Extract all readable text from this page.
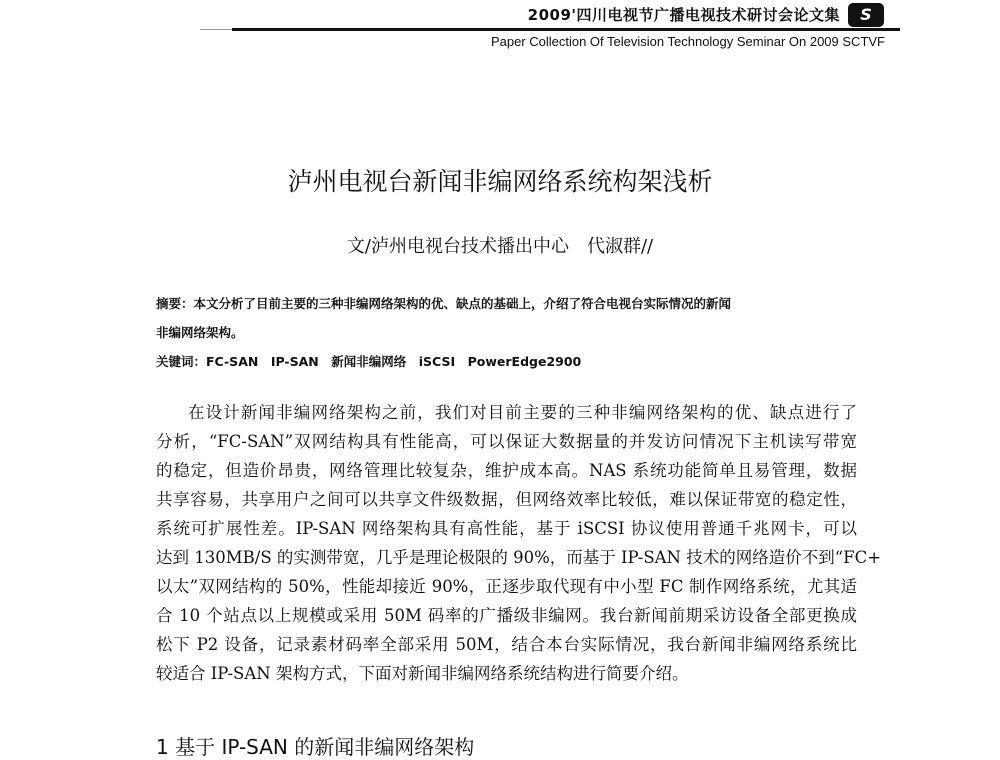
2009'四川电视节广播电视技术研讨会论文集	S
Paper Collection Of Television Technology Seminar On 2009 SCTVF
泸州电视台新闻非编网络系统构架浅析
文/泸州电视台技术播出中心　代淑群//
摘要：本文分析了目前主要的三种非编网络架构的优、缺点的基础上，介绍了符合电视台实际情况的新闻
非编网络架构。
关键词：FC-SAN　IP-SAN　新闻非编网络　iSCSI　PowerEdge2900
在设计新闻非编网络架构之前，我们对目前主要的三种非编网络架构的优、缺点进行了
分析，“FC-SAN”双网结构具有性能高，可以保证大数据量的并发访问情况下主机读写带宽
的稳定，但造价昂贵，网络管理比较复杂，维护成本高。NAS 系统功能简单且易管理，数据
共享容易，共享用户之间可以共享文件级数据，但网络效率比较低，难以保证带宽的稳定性，
系统可扩展性差。IP-SAN 网络架构具有高性能，基于 iSCSI 协议使用普通千兆网卡，可以
达到 130MB/S 的实测带宽，几乎是理论极限的 90%，而基于 IP-SAN 技术的网络造价不到“FC+
以太”双网结构的 50%，性能却接近 90%，正逐步取代现有中小型 FC 制作网络系统，尤其适
合 10 个站点以上规模或采用 50M 码率的广播级非编网。我台新闻前期采访设备全部更换成
松下 P2 设备，记录素材码率全部采用 50M，结合本台实际情况，我台新闻非编网络系统比
较适合 IP-SAN 架构方式，下面对新闻非编网络系统结构进行简要介绍。
1 基于 IP-SAN 的新闻非编网络架构
